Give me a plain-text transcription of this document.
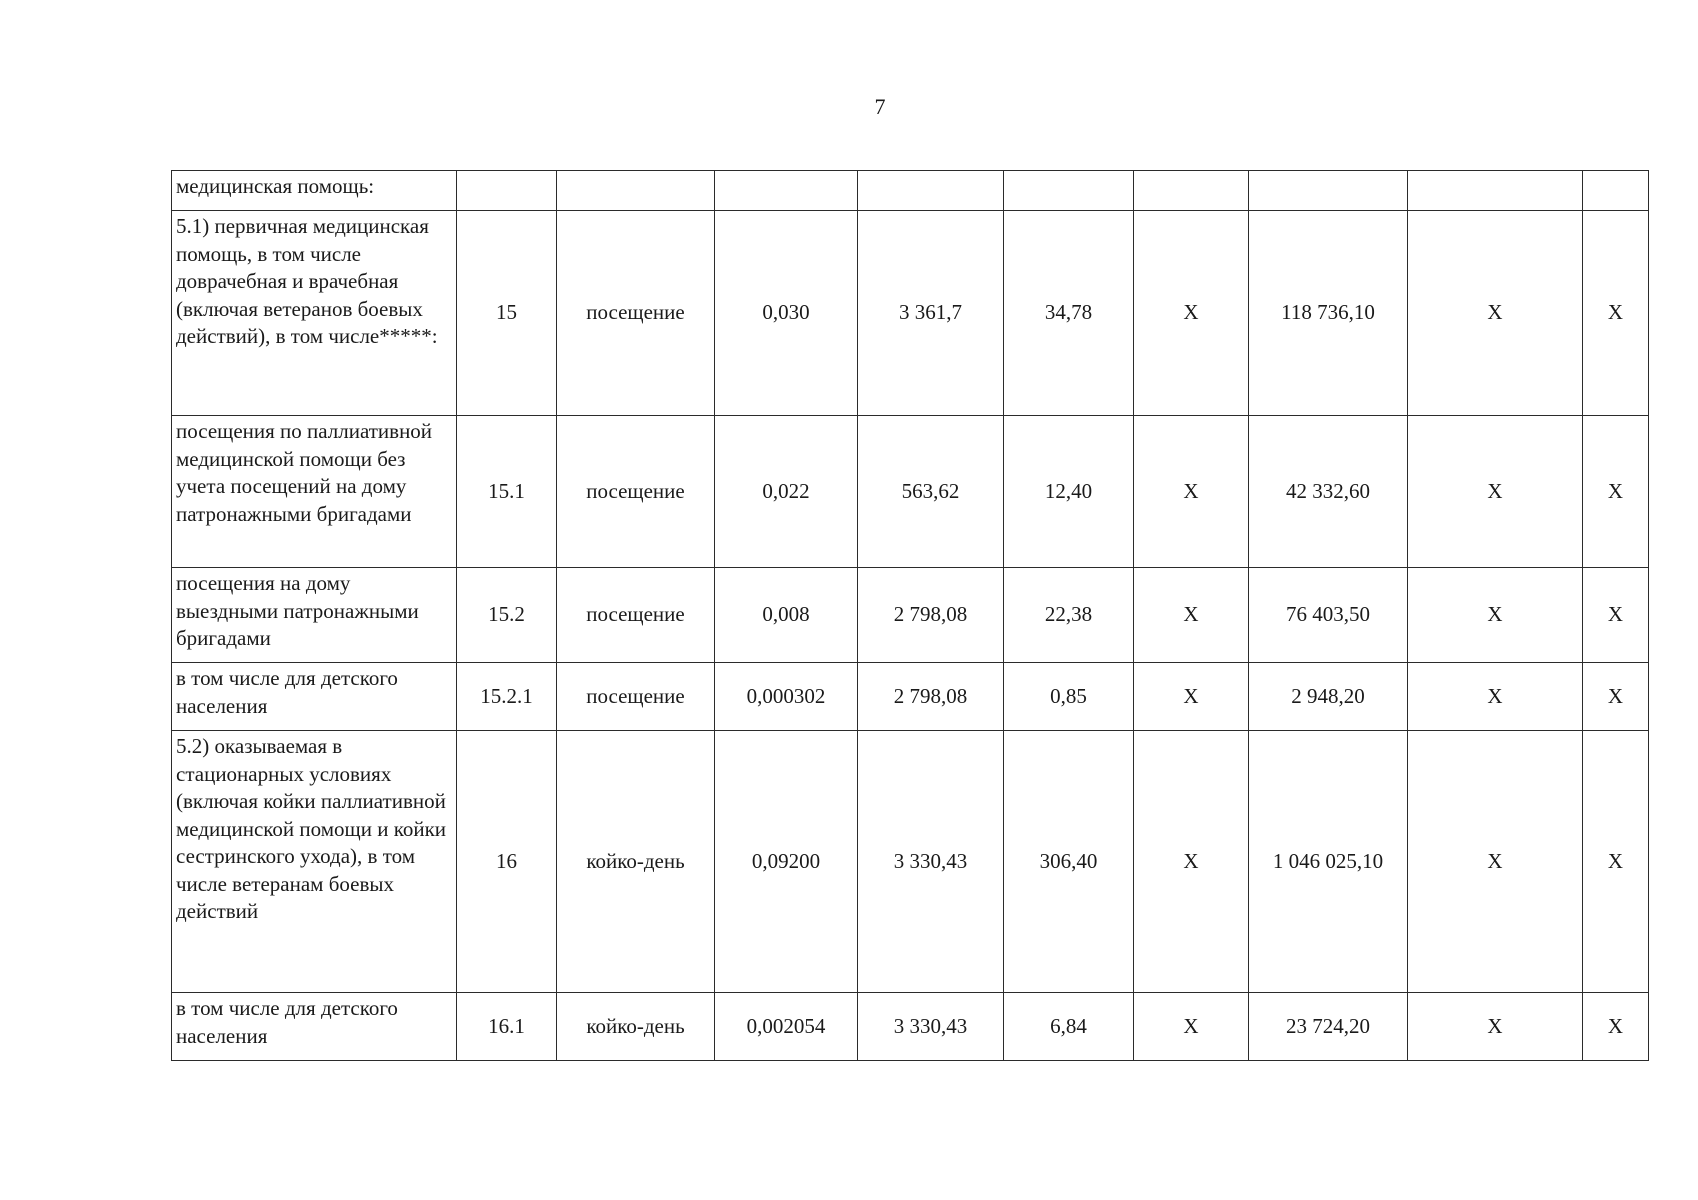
7
медицинская помощь:									
5.1) первичная медицинская помощь, в том числе доврачебная и врачебная (включая ветеранов боевых действий), в том числе*****:	15	посещение	0,030	3 361,7	34,78	X	118 736,10	X	X
посещения по паллиативной медицинской помощи без учета посещений на дому патронажными бригадами	15.1	посещение	0,022	563,62	12,40	X	42 332,60	X	X
посещения на дому выездными патронажными бригадами	15.2	посещение	0,008	2 798,08	22,38	X	76 403,50	X	X
в том числе для детского населения	15.2.1	посещение	0,000302	2 798,08	0,85	X	2 948,20	X	X
5.2) оказываемая в стационарных условиях (включая койки паллиативной медицинской помощи и койки сестринского ухода), в том числе ветеранам боевых действий	16	койко-день	0,09200	3 330,43	306,40	X	1 046 025,10	X	X
в том числе для детского населения	16.1	койко-день	0,002054	3 330,43	6,84	X	23 724,20	X	X
